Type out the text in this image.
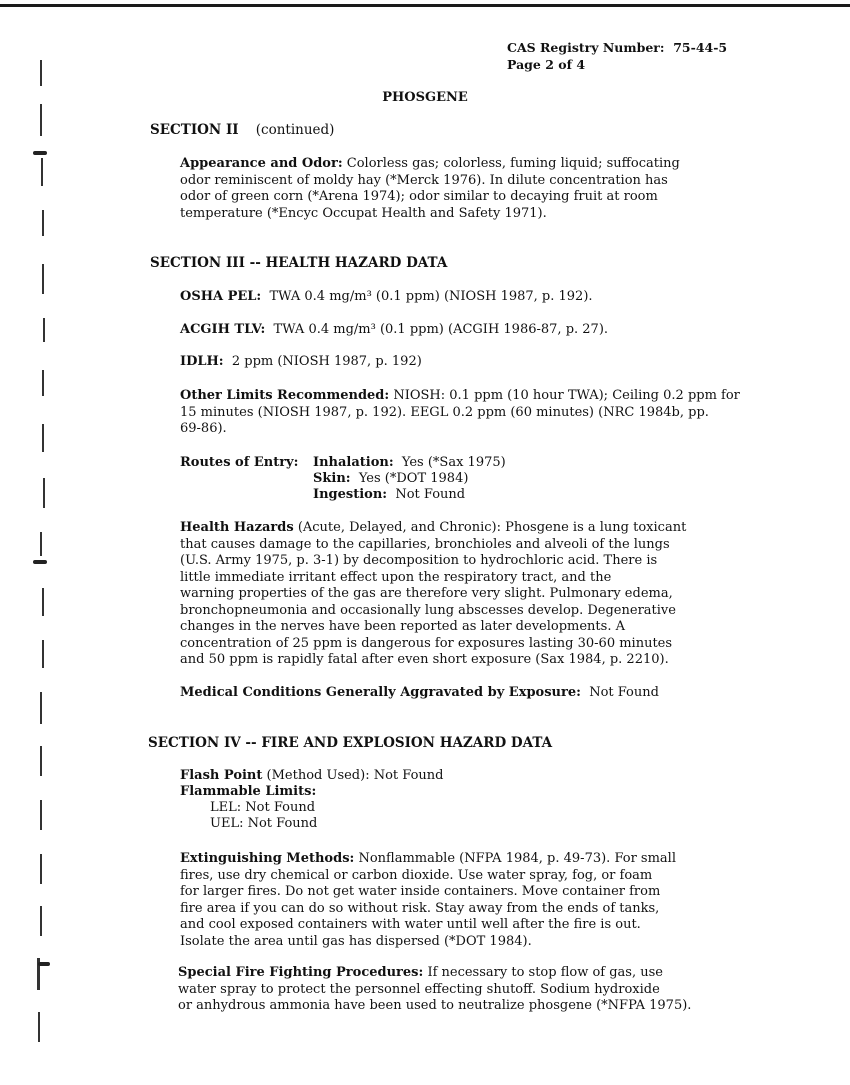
CAS Registry Number: 75-44-5
Page 2 of 4
PHOSGENE
SECTION II (continued)
Appearance and Odor: Colorless gas; colorless, fuming liquid; suffocating
odor reminiscent of moldy hay (*Merck 1976). In dilute concentration has
odor of green corn (*Arena 1974); odor similar to decaying fruit at room
temperature (*Encyc Occupat Health and Safety 1971).
SECTION III -- HEALTH HAZARD DATA
OSHA PEL: TWA 0.4 mg/m³ (0.1 ppm) (NIOSH 1987, p. 192).
ACGIH TLV: TWA 0.4 mg/m³ (0.1 ppm) (ACGIH 1986-87, p. 27).
IDLH: 2 ppm (NIOSH 1987, p. 192)
Other Limits Recommended: NIOSH: 0.1 ppm (10 hour TWA); Ceiling 0.2 ppm for
15 minutes (NIOSH 1987, p. 192). EEGL 0.2 ppm (60 minutes) (NRC 1984b, pp.
69-86).
Routes of Entry: Inhalation: Yes (*Sax 1975)
Skin: Yes (*DOT 1984)
Ingestion: Not Found
Health Hazards (Acute, Delayed, and Chronic): Phosgene is a lung toxicant
that causes damage to the capillaries, bronchioles and alveoli of the lungs
(U.S. Army 1975, p. 3-1) by decomposition to hydrochloric acid. There is
little immediate irritant effect upon the respiratory tract, and the
warning properties of the gas are therefore very slight. Pulmonary edema,
bronchopneumonia and occasionally lung abscesses develop. Degenerative
changes in the nerves have been reported as later developments. A
concentration of 25 ppm is dangerous for exposures lasting 30-60 minutes
and 50 ppm is rapidly fatal after even short exposure (Sax 1984, p. 2210).
Medical Conditions Generally Aggravated by Exposure: Not Found
SECTION IV -- FIRE AND EXPLOSION HAZARD DATA
Flash Point (Method Used): Not Found
Flammable Limits:
LEL: Not Found
UEL: Not Found
Extinguishing Methods: Nonflammable (NFPA 1984, p. 49-73). For small
fires, use dry chemical or carbon dioxide. Use water spray, fog, or foam
for larger fires. Do not get water inside containers. Move container from
fire area if you can do so without risk. Stay away from the ends of tanks,
and cool exposed containers with water until well after the fire is out.
Isolate the area until gas has dispersed (*DOT 1984).
Special Fire Fighting Procedures: If necessary to stop flow of gas, use
water spray to protect the personnel effecting shutoff. Sodium hydroxide
or anhydrous ammonia have been used to neutralize phosgene (*NFPA 1975).
